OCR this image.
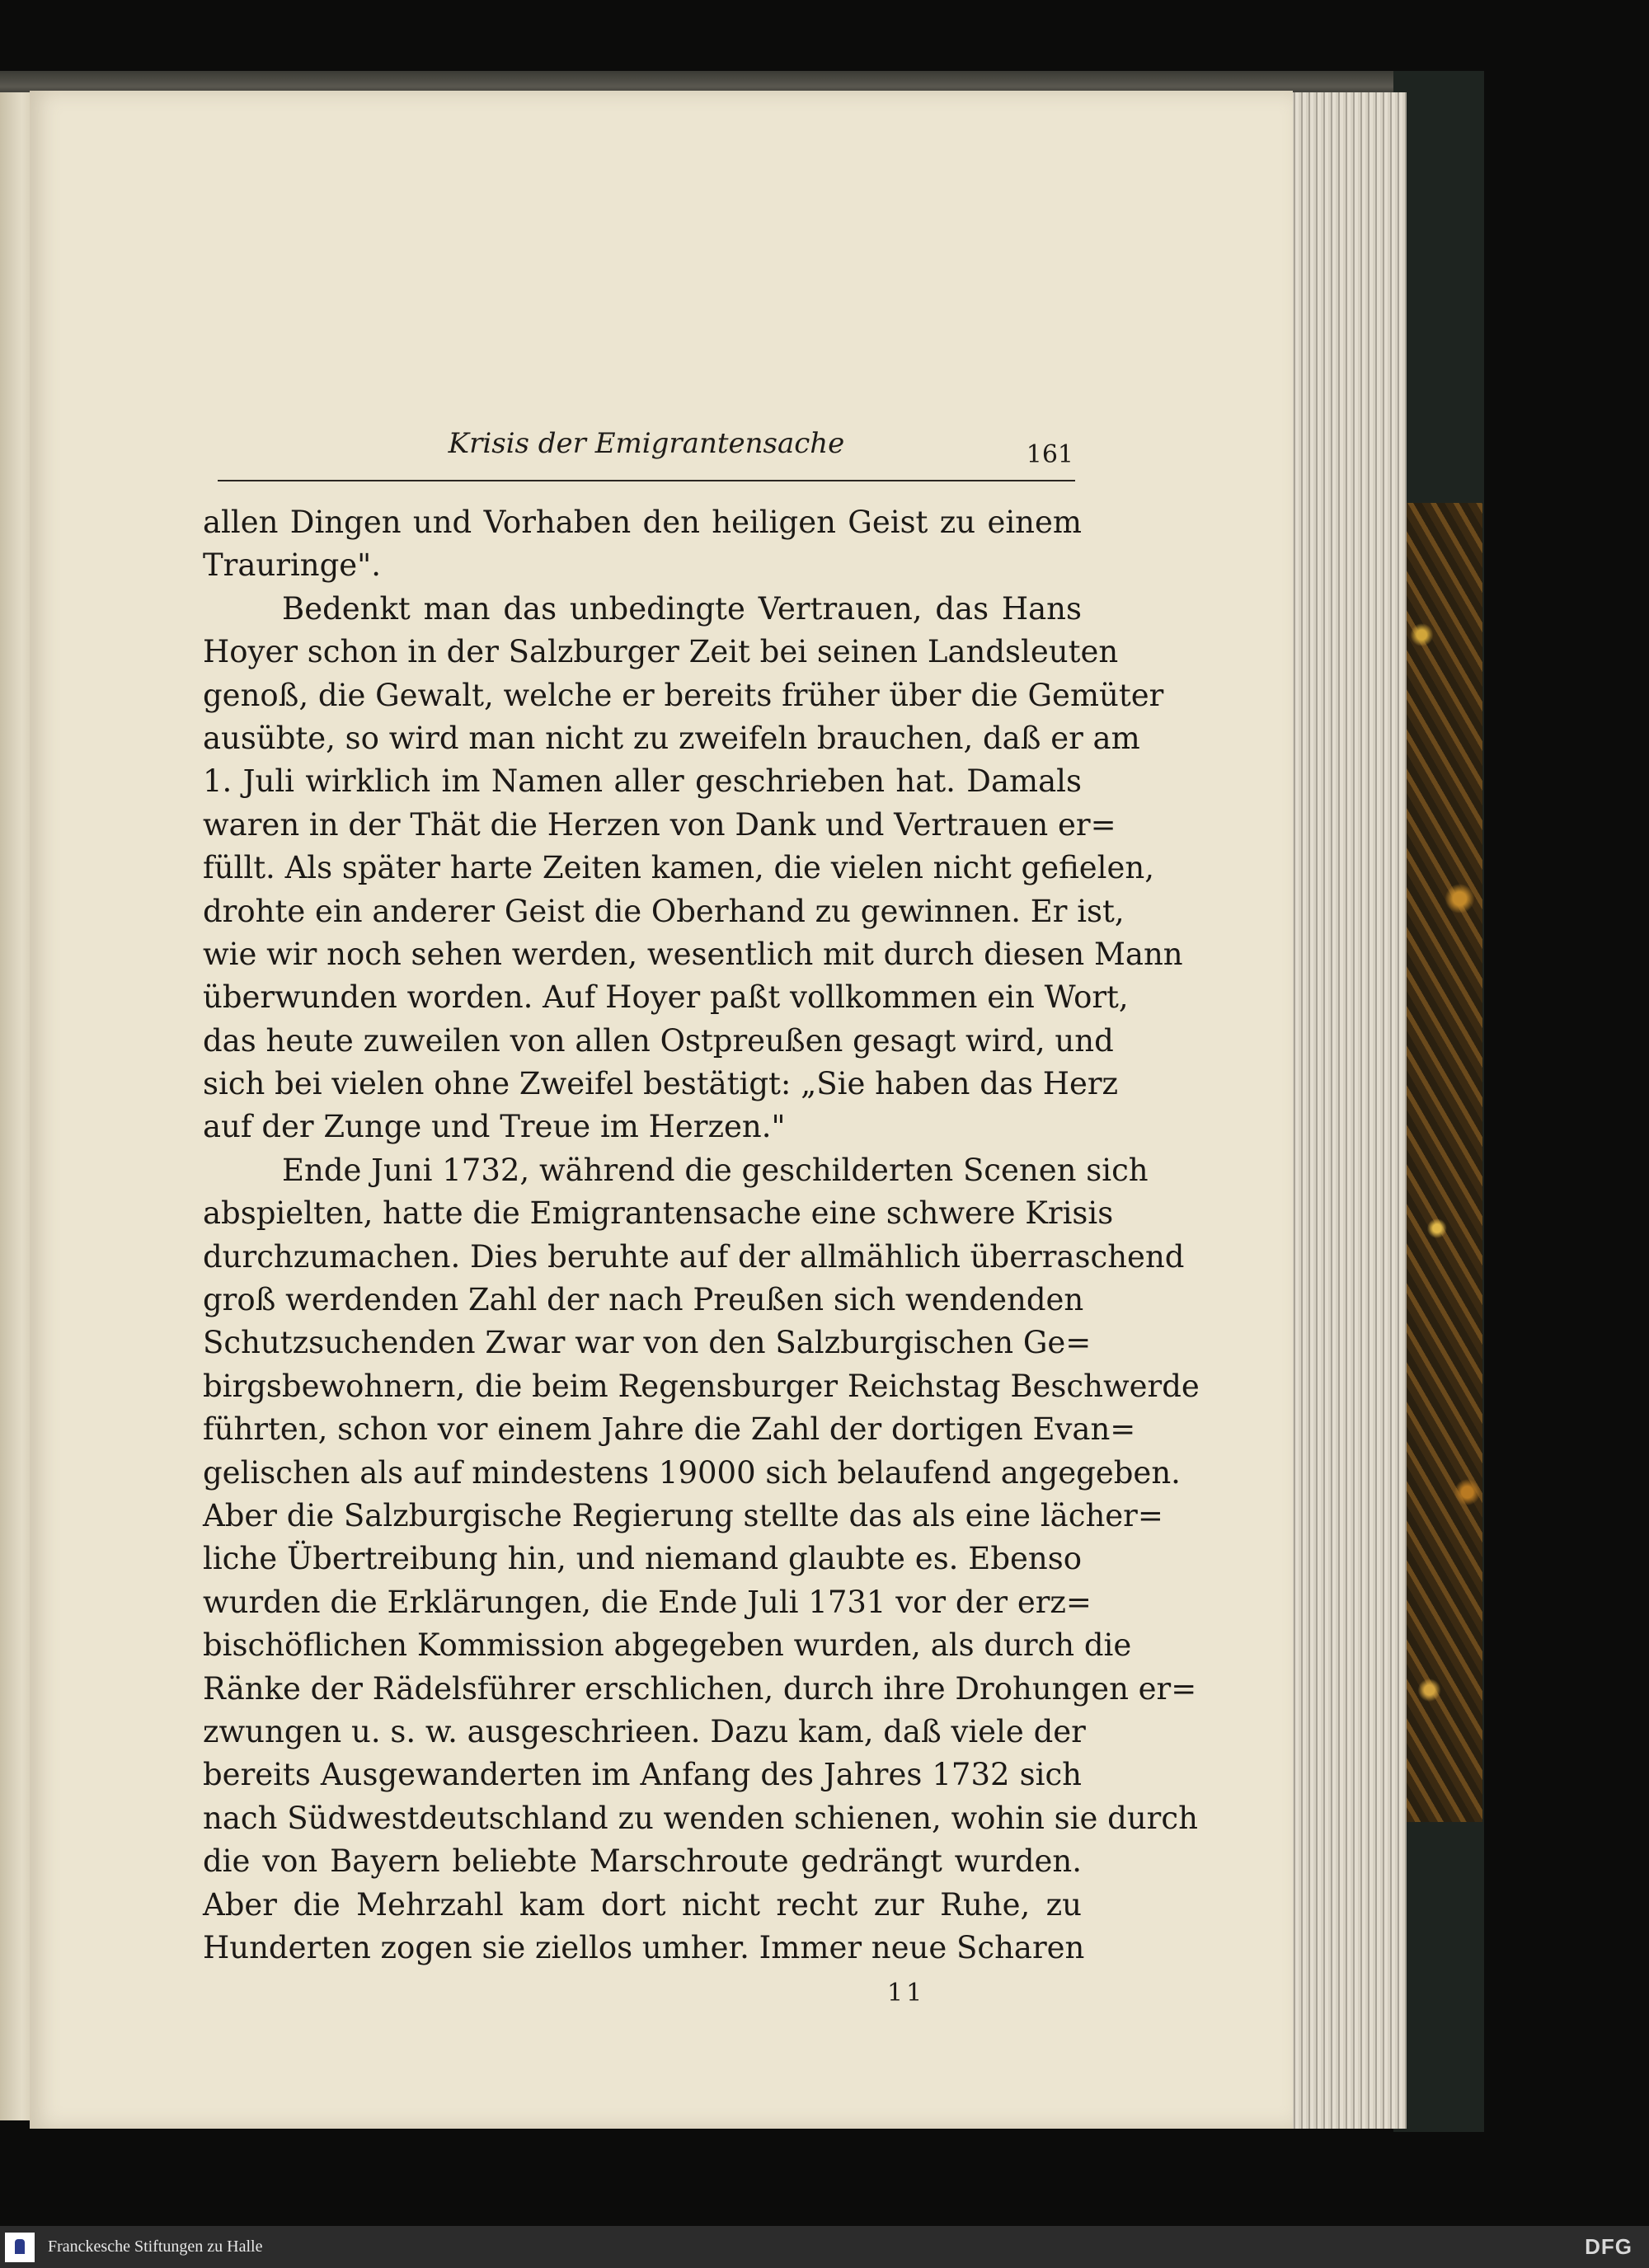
Krisis der Emigrantensache	161
allen Dingen und Vorhaben den heiligen Geist zu einem
Trauringe".
Bedenkt man das unbedingte Vertrauen, das Hans
Hoyer schon in der Salzburger Zeit bei seinen Landsleuten
genoß, die Gewalt, welche er bereits früher über die Gemüter
ausübte, so wird man nicht zu zweifeln brauchen, daß er am
1. Juli wirklich im Namen aller geschrieben hat. Damals
waren in der Thät die Herzen von Dank und Vertrauen er=
füllt. Als später harte Zeiten kamen, die vielen nicht gefielen,
drohte ein anderer Geist die Oberhand zu gewinnen. Er ist,
wie wir noch sehen werden, wesentlich mit durch diesen Mann
überwunden worden. Auf Hoyer paßt vollkommen ein Wort,
das heute zuweilen von allen Ostpreußen gesagt wird, und
sich bei vielen ohne Zweifel bestätigt: „Sie haben das Herz
auf der Zunge und Treue im Herzen."
Ende Juni 1732, während die geschilderten Scenen sich
abspielten, hatte die Emigrantensache eine schwere Krisis
durchzumachen. Dies beruhte auf der allmählich überraschend
groß werdenden Zahl der nach Preußen sich wendenden
Schutzsuchenden Zwar war von den Salzburgischen Ge=
birgsbewohnern, die beim Regensburger Reichstag Beschwerde
führten, schon vor einem Jahre die Zahl der dortigen Evan=
gelischen als auf mindestens 19000 sich belaufend angegeben.
Aber die Salzburgische Regierung stellte das als eine lächer=
liche Übertreibung hin, und niemand glaubte es. Ebenso
wurden die Erklärungen, die Ende Juli 1731 vor der erz=
bischöflichen Kommission abgegeben wurden, als durch die
Ränke der Rädelsführer erschlichen, durch ihre Drohungen er=
zwungen u. s. w. ausgeschrieen. Dazu kam, daß viele der
bereits Ausgewanderten im Anfang des Jahres 1732 sich
nach Südwestdeutschland zu wenden schienen, wohin sie durch
die von Bayern beliebte Marschroute gedrängt wurden.
Aber die Mehrzahl kam dort nicht recht zur Ruhe, zu
Hunderten zogen sie ziellos umher. Immer neue Scharen
11
Franckesche Stiftungen zu Halle	DFG
